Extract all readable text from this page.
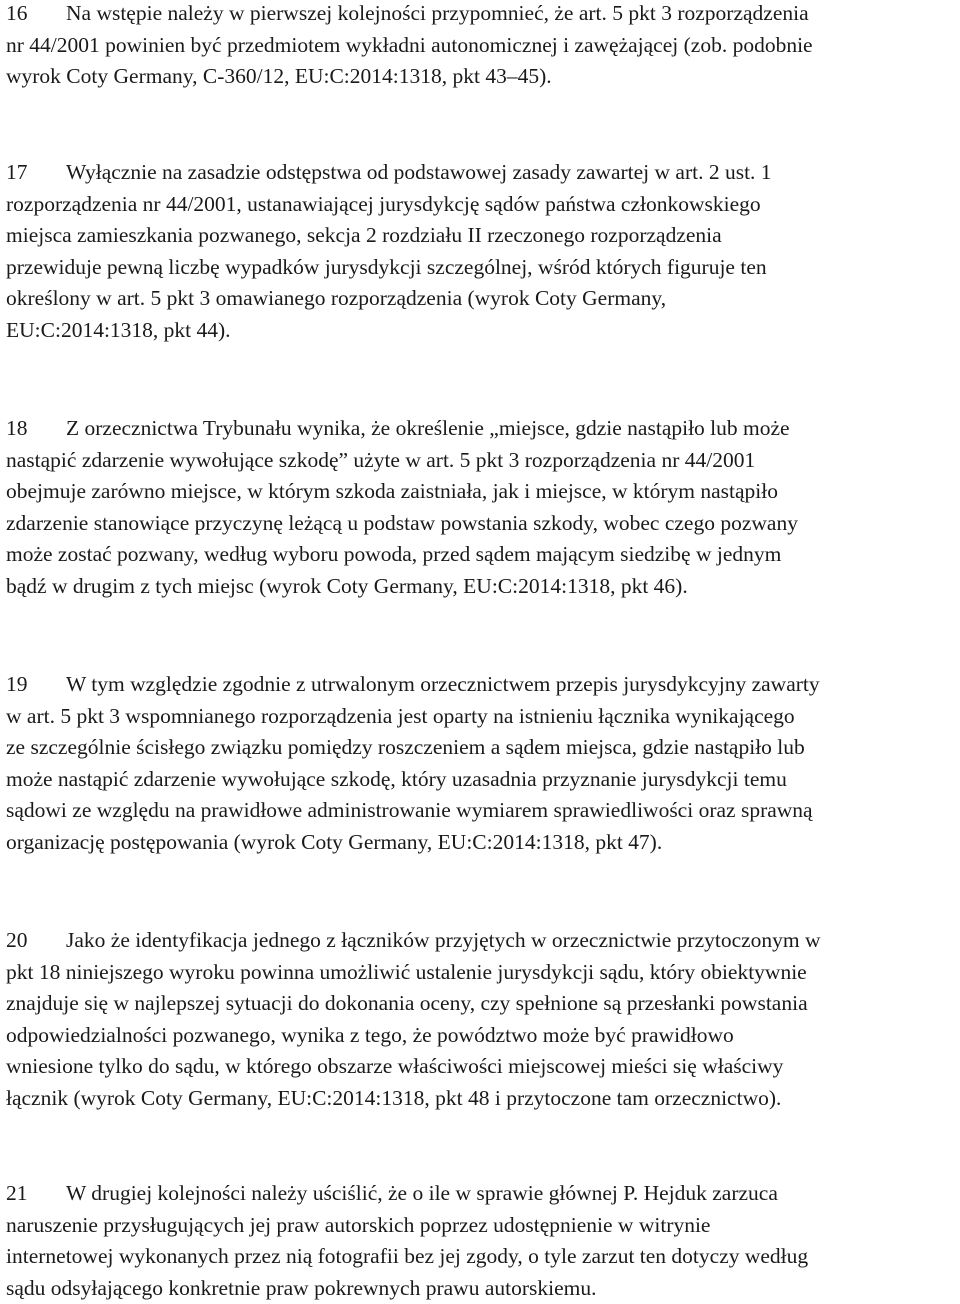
16 Na wstępie należy w pierwszej kolejności przypomnieć, że art. 5 pkt 3 rozporządzenia
nr 44/2001 powinien być przedmiotem wykładni autonomicznej i zawężającej (zob. podobnie
wyrok Coty Germany, C‑360/12, EU:C:2014:1318, pkt 43–45).
17 Wyłącznie na zasadzie odstępstwa od podstawowej zasady zawartej w art. 2 ust. 1
rozporządzenia nr 44/2001, ustanawiającej jurysdykcję sądów państwa członkowskiego
miejsca zamieszkania pozwanego, sekcja 2 rozdziału II rzeczonego rozporządzenia
przewiduje pewną liczbę wypadków jurysdykcji szczególnej, wśród których figuruje ten
określony w art. 5 pkt 3 omawianego rozporządzenia (wyrok Coty Germany,
EU:C:2014:1318, pkt 44).
18 Z orzecznictwa Trybunału wynika, że określenie „miejsce, gdzie nastąpiło lub może
nastąpić zdarzenie wywołujące szkodę” użyte w art. 5 pkt 3 rozporządzenia nr 44/2001
obejmuje zarówno miejsce, w którym szkoda zaistniała, jak i miejsce, w którym nastąpiło
zdarzenie stanowiące przyczynę leżącą u podstaw powstania szkody, wobec czego pozwany
może zostać pozwany, według wyboru powoda, przed sądem mającym siedzibę w jednym
bądź w drugim z tych miejsc (wyrok Coty Germany, EU:C:2014:1318, pkt 46).
19 W tym względzie zgodnie z utrwalonym orzecznictwem przepis jurysdykcyjny zawarty
w art. 5 pkt 3 wspomnianego rozporządzenia jest oparty na istnieniu łącznika wynikającego
ze szczególnie ścisłego związku pomiędzy roszczeniem a sądem miejsca, gdzie nastąpiło lub
może nastąpić zdarzenie wywołujące szkodę, który uzasadnia przyznanie jurysdykcji temu
sądowi ze względu na prawidłowe administrowanie wymiarem sprawiedliwości oraz sprawną
organizację postępowania (wyrok Coty Germany, EU:C:2014:1318, pkt 47).
20 Jako że identyfikacja jednego z łączników przyjętych w orzecznictwie przytoczonym w
pkt 18 niniejszego wyroku powinna umożliwić ustalenie jurysdykcji sądu, który obiektywnie
znajduje się w najlepszej sytuacji do dokonania oceny, czy spełnione są przesłanki powstania
odpowiedzialności pozwanego, wynika z tego, że powództwo może być prawidłowo
wniesione tylko do sądu, w którego obszarze właściwości miejscowej mieści się właściwy
łącznik (wyrok Coty Germany, EU:C:2014:1318, pkt 48 i przytoczone tam orzecznictwo).
21 W drugiej kolejności należy uściślić, że o ile w sprawie głównej P. Hejduk zarzuca
naruszenie przysługujących jej praw autorskich poprzez udostępnienie w witrynie
internetowej wykonanych przez nią fotografii bez jej zgody, o tyle zarzut ten dotyczy według
sądu odsyłającego konkretnie praw pokrewnych prawu autorskiemu.
